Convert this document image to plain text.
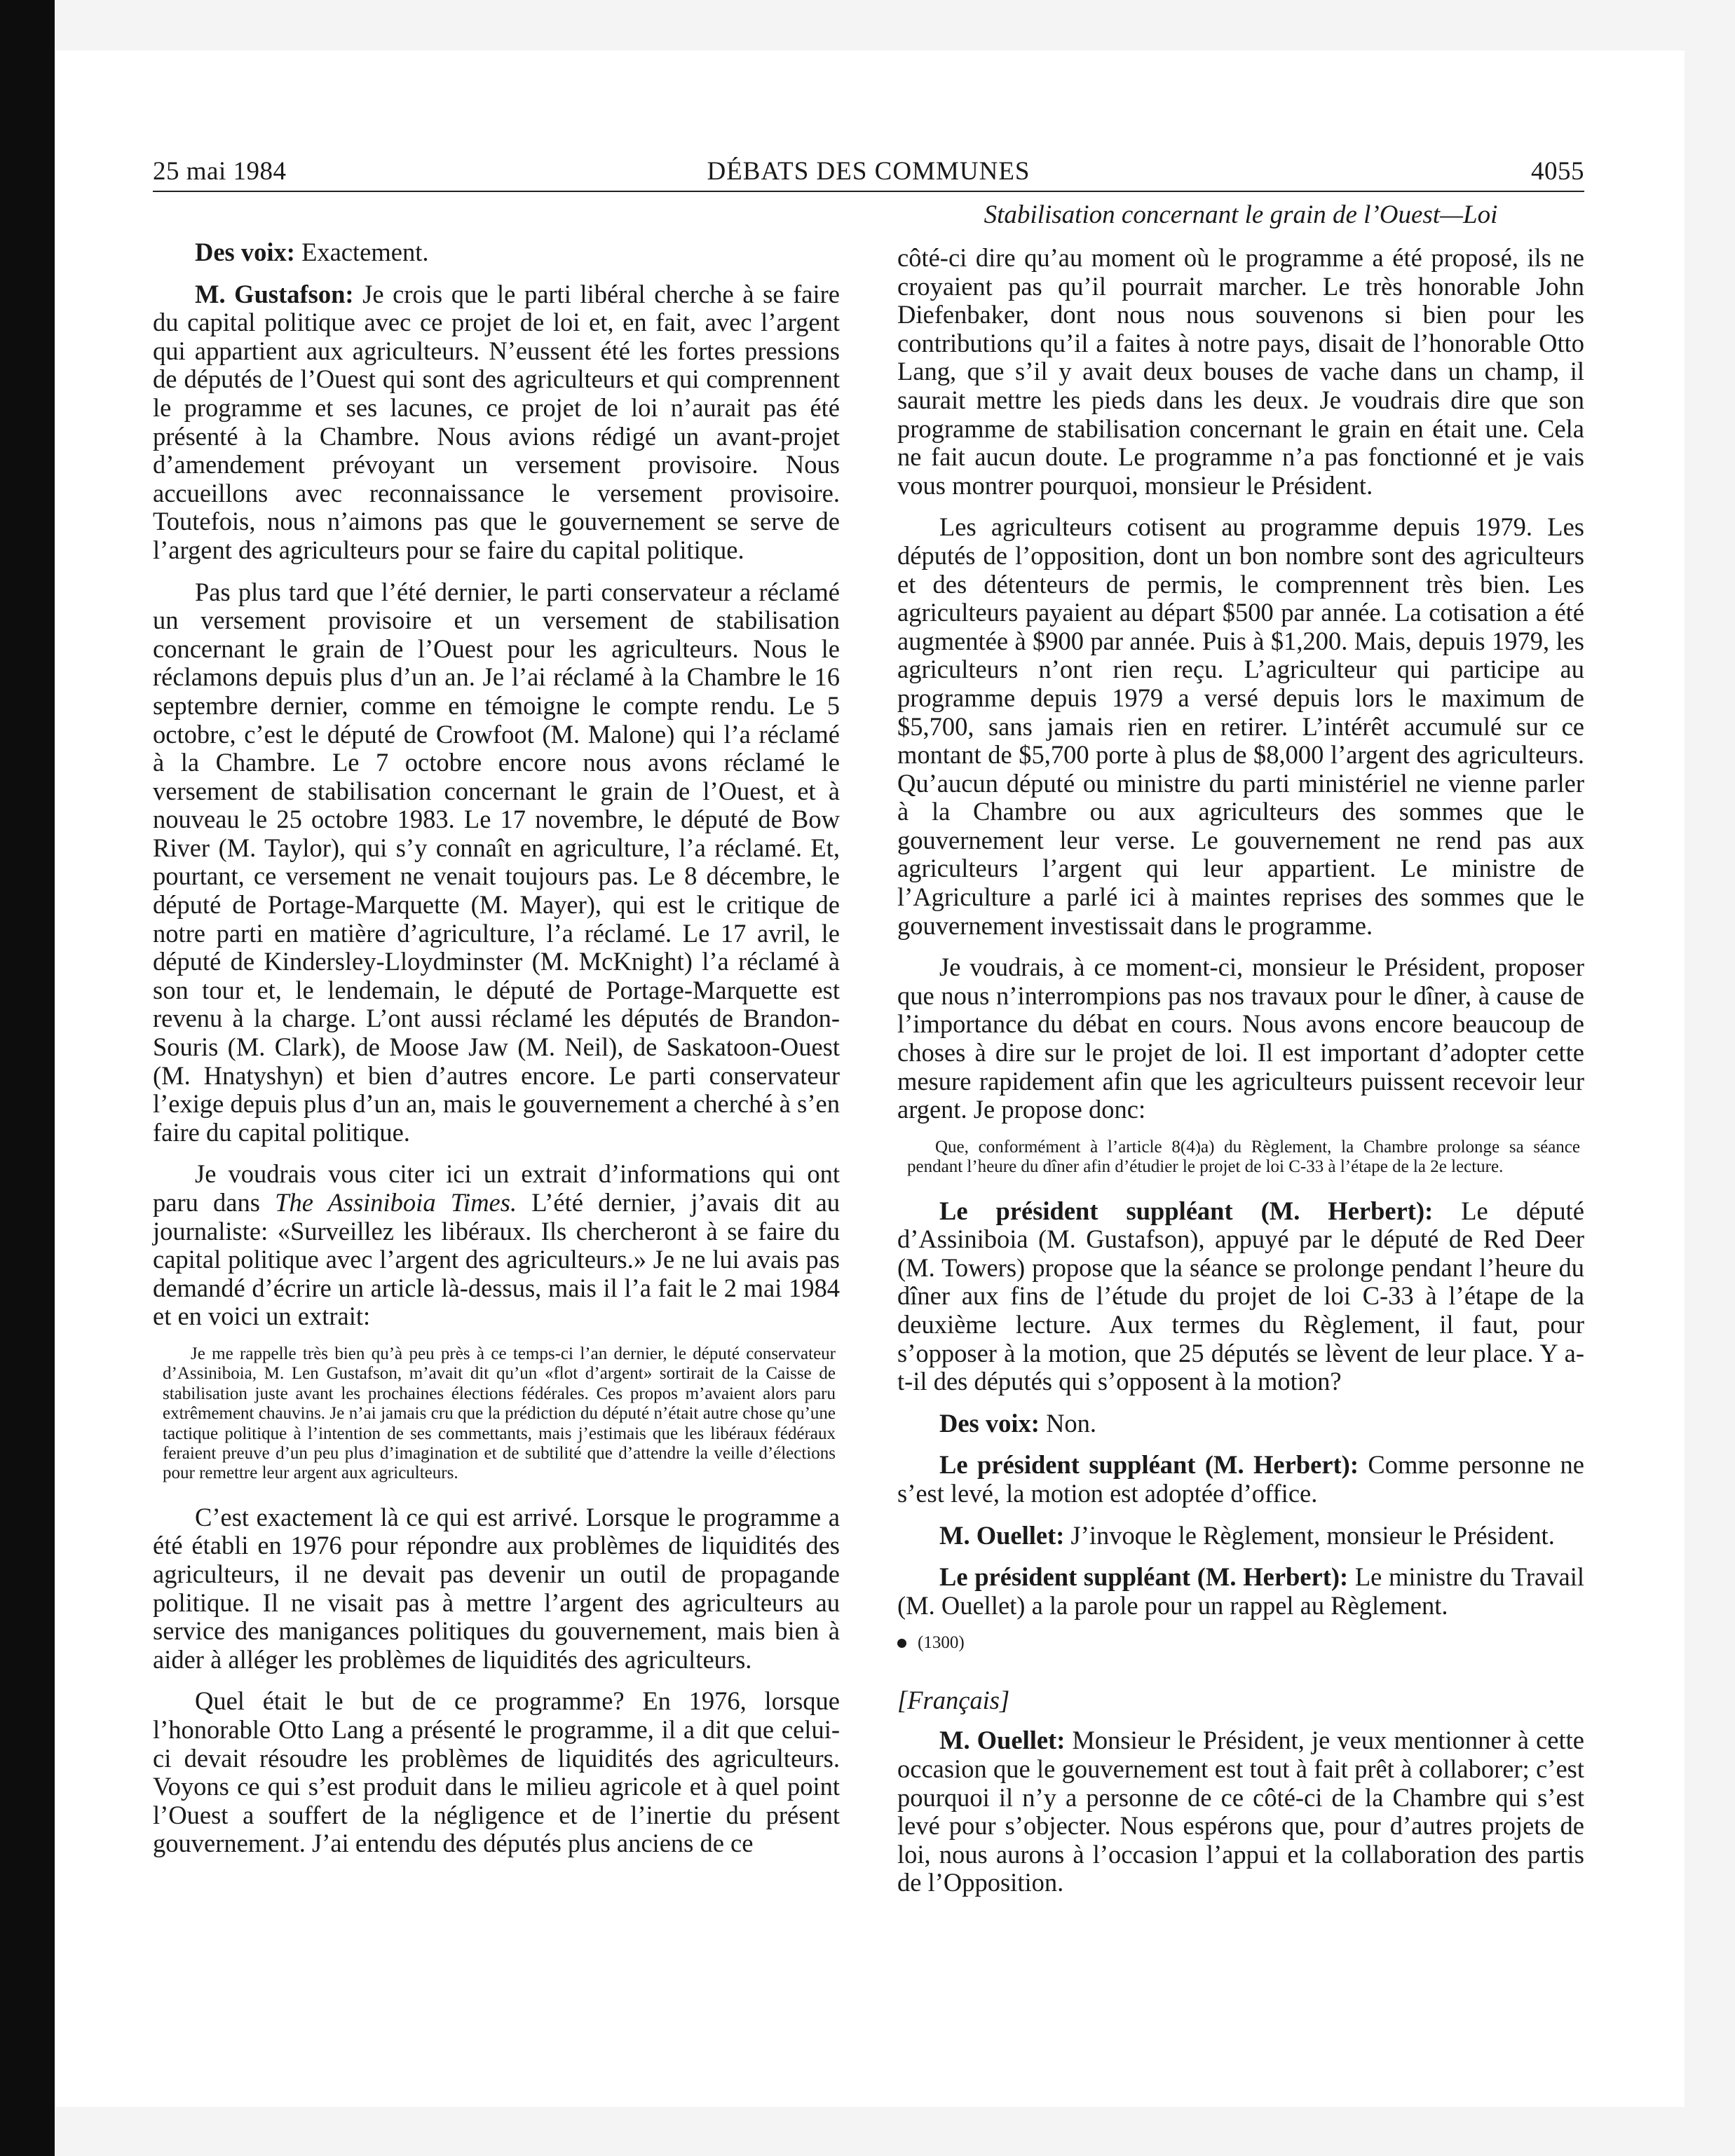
25 mai 1984	DÉBATS DES COMMUNES	4055

Des voix: Exactement.

M. Gustafson: Je crois que le parti libéral cherche à se faire du capital politique avec ce projet de loi et, en fait, avec l’argent qui appartient aux agriculteurs. N’eussent été les fortes pressions de députés de l’Ouest qui sont des agriculteurs et qui comprennent le programme et ses lacunes, ce projet de loi n’aurait pas été présenté à la Chambre. Nous avions rédigé un avant-projet d’amendement prévoyant un versement provisoire. Nous accueillons avec reconnaissance le versement provisoire. Toutefois, nous n’aimons pas que le gouvernement se serve de l’argent des agriculteurs pour se faire du capital politique.

Pas plus tard que l’été dernier, le parti conservateur a réclamé un versement provisoire et un versement de stabilisation concernant le grain de l’Ouest pour les agriculteurs. Nous le réclamons depuis plus d’un an. Je l’ai réclamé à la Chambre le 16 septembre dernier, comme en témoigne le compte rendu. Le 5 octobre, c’est le député de Crowfoot (M. Malone) qui l’a réclamé à la Chambre. Le 7 octobre encore nous avons réclamé le versement de stabilisation concernant le grain de l’Ouest, et à nouveau le 25 octobre 1983. Le 17 novembre, le député de Bow River (M. Taylor), qui s’y connaît en agriculture, l’a réclamé. Et, pourtant, ce versement ne venait toujours pas. Le 8 décembre, le député de Portage-Marquette (M. Mayer), qui est le critique de notre parti en matière d’agriculture, l’a réclamé. Le 17 avril, le député de Kindersley-Lloydminster (M. McKnight) l’a réclamé à son tour et, le lendemain, le député de Portage-Marquette est revenu à la charge. L’ont aussi réclamé les députés de Brandon-Souris (M. Clark), de Moose Jaw (M. Neil), de Saskatoon-Ouest (M. Hnatyshyn) et bien d’autres encore. Le parti conservateur l’exige depuis plus d’un an, mais le gouvernement a cherché à s’en faire du capital politique.

Je voudrais vous citer ici un extrait d’informations qui ont paru dans The Assiniboia Times. L’été dernier, j’avais dit au journaliste: «Surveillez les libéraux. Ils chercheront à se faire du capital politique avec l’argent des agriculteurs.» Je ne lui avais pas demandé d’écrire un article là-dessus, mais il l’a fait le 2 mai 1984 et en voici un extrait:

Je me rappelle très bien qu’à peu près à ce temps-ci l’an dernier, le député conservateur d’Assiniboia, M. Len Gustafson, m’avait dit qu’un «flot d’argent» sortirait de la Caisse de stabilisation juste avant les prochaines élections fédérales. Ces propos m’avaient alors paru extrêmement chauvins. Je n’ai jamais cru que la prédiction du député n’était autre chose qu’une tactique politique à l’intention de ses commettants, mais j’estimais que les libéraux fédéraux feraient preuve d’un peu plus d’imagination et de subtilité que d’attendre la veille d’élections pour remettre leur argent aux agriculteurs.

C’est exactement là ce qui est arrivé. Lorsque le programme a été établi en 1976 pour répondre aux problèmes de liquidités des agriculteurs, il ne devait pas devenir un outil de propagande politique. Il ne visait pas à mettre l’argent des agriculteurs au service des manigances politiques du gouvernement, mais bien à aider à alléger les problèmes de liquidités des agriculteurs.

Quel était le but de ce programme? En 1976, lorsque l’honorable Otto Lang a présenté le programme, il a dit que celui-ci devait résoudre les problèmes de liquidités des agriculteurs. Voyons ce qui s’est produit dans le milieu agricole et à quel point l’Ouest a souffert de la négligence et de l’inertie du présent gouvernement. J’ai entendu des députés plus anciens de ce

Stabilisation concernant le grain de l’Ouest—Loi

côté-ci dire qu’au moment où le programme a été proposé, ils ne croyaient pas qu’il pourrait marcher. Le très honorable John Diefenbaker, dont nous nous souvenons si bien pour les contributions qu’il a faites à notre pays, disait de l’honorable Otto Lang, que s’il y avait deux bouses de vache dans un champ, il saurait mettre les pieds dans les deux. Je voudrais dire que son programme de stabilisation concernant le grain en était une. Cela ne fait aucun doute. Le programme n’a pas fonctionné et je vais vous montrer pourquoi, monsieur le Président.

Les agriculteurs cotisent au programme depuis 1979. Les députés de l’opposition, dont un bon nombre sont des agriculteurs et des détenteurs de permis, le comprennent très bien. Les agriculteurs payaient au départ $500 par année. La cotisation a été augmentée à $900 par année. Puis à $1,200. Mais, depuis 1979, les agriculteurs n’ont rien reçu. L’agriculteur qui participe au programme depuis 1979 a versé depuis lors le maximum de $5,700, sans jamais rien en retirer. L’intérêt accumulé sur ce montant de $5,700 porte à plus de $8,000 l’argent des agriculteurs. Qu’aucun député ou ministre du parti ministériel ne vienne parler à la Chambre ou aux agriculteurs des sommes que le gouvernement leur verse. Le gouvernement ne rend pas aux agriculteurs l’argent qui leur appartient. Le ministre de l’Agriculture a parlé ici à maintes reprises des sommes que le gouvernement investissait dans le programme.

Je voudrais, à ce moment-ci, monsieur le Président, proposer que nous n’interrompions pas nos travaux pour le dîner, à cause de l’importance du débat en cours. Nous avons encore beaucoup de choses à dire sur le projet de loi. Il est important d’adopter cette mesure rapidement afin que les agriculteurs puissent recevoir leur argent. Je propose donc:

Que, conformément à l’article 8(4)a) du Règlement, la Chambre prolonge sa séance pendant l’heure du dîner afin d’étudier le projet de loi C-33 à l’étape de la 2e lecture.

Le président suppléant (M. Herbert): Le député d’Assiniboia (M. Gustafson), appuyé par le député de Red Deer (M. Towers) propose que la séance se prolonge pendant l’heure du dîner aux fins de l’étude du projet de loi C-33 à l’étape de la deuxième lecture. Aux termes du Règlement, il faut, pour s’opposer à la motion, que 25 députés se lèvent de leur place. Y a-t-il des députés qui s’opposent à la motion?

Des voix: Non.

Le président suppléant (M. Herbert): Comme personne ne s’est levé, la motion est adoptée d’office.

M. Ouellet: J’invoque le Règlement, monsieur le Président.

Le président suppléant (M. Herbert): Le ministre du Travail (M. Ouellet) a la parole pour un rappel au Règlement.

(1300)
[Français]

M. Ouellet: Monsieur le Président, je veux mentionner à cette occasion que le gouvernement est tout à fait prêt à collaborer; c’est pourquoi il n’y a personne de ce côté-ci de la Chambre qui s’est levé pour s’objecter. Nous espérons que, pour d’autres projets de loi, nous aurons à l’occasion l’appui et la collaboration des partis de l’Opposition.
